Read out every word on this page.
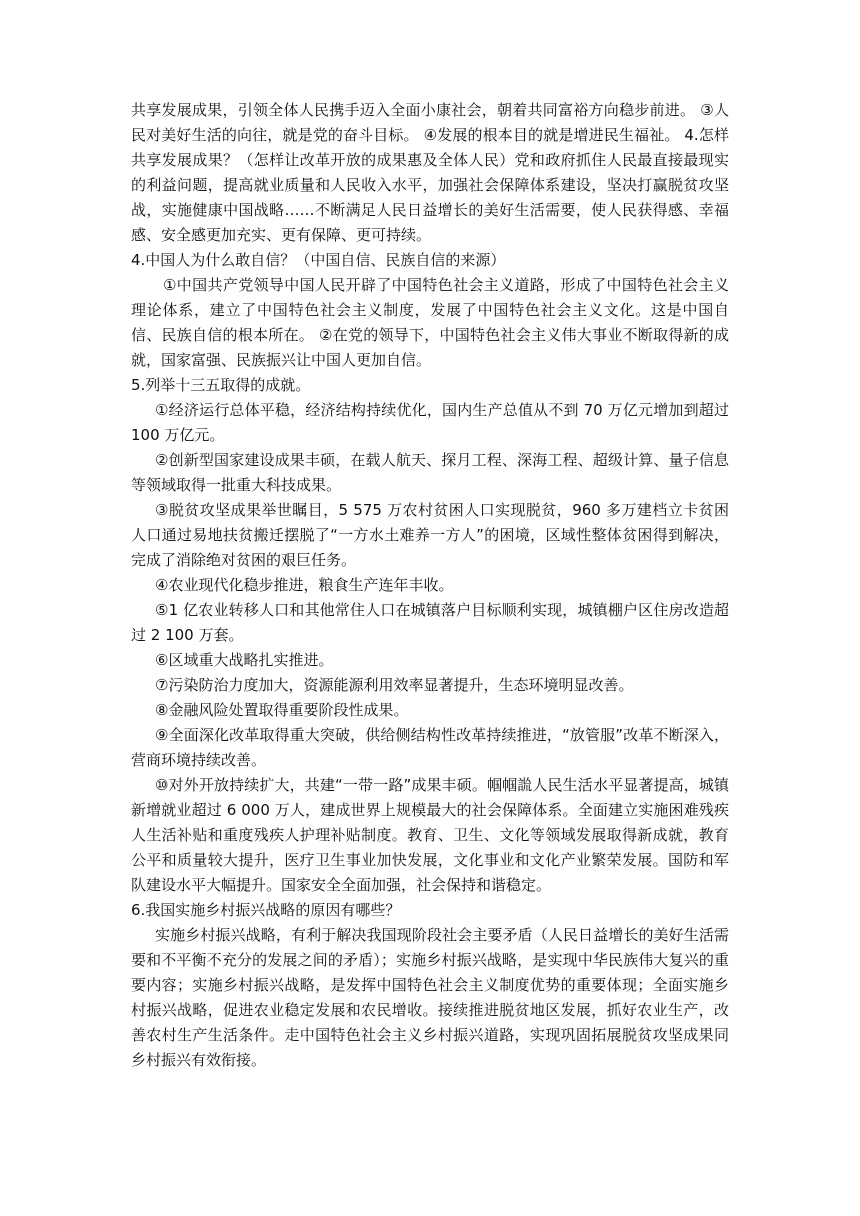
共享发展成果，引领全体人民携手迈入全面小康社会，朝着共同富裕方向稳步前进。 ③人民对美好生活的向往，就是党的奋斗目标。 ④发展的根本目的就是增进民生福祉。 4.怎样共享发展成果？（怎样让改革开放的成果惠及全体人民）党和政府抓住人民最直接最现实的利益问题，提高就业质量和人民收入水平，加强社会保障体系建设，坚决打赢脱贫攻坚战，实施健康中国战略……不断满足人民日益增长的美好生活需要，使人民获得感、幸福感、安全感更加充实、更有保障、更可持续。

4.中国人为什么敢自信？（中国自信、民族自信的来源）

①中国共产党领导中国人民开辟了中国特色社会主义道路，形成了中国特色社会主义理论体系，建立了中国特色社会主义制度，发展了中国特色社会主义文化。这是中国自信、民族自信的根本所在。 ②在党的领导下，中国特色社会主义伟大事业不断取得新的成就，国家富强、民族振兴让中国人更加自信。

5.列举十三五取得的成就。

①经济运行总体平稳，经济结构持续优化，国内生产总值从不到 70 万亿元增加到超过 100 万亿元。

②创新型国家建设成果丰硕，在载人航天、探月工程、深海工程、超级计算、量子信息等领域取得一批重大科技成果。

③脱贫攻坚成果举世瞩目，5 575 万农村贫困人口实现脱贫，960 多万建档立卡贫困人口通过易地扶贫搬迁摆脱了“一方水土难养一方人”的困境，区域性整体贫困得到解决，完成了消除绝对贫困的艰巨任务。

④农业现代化稳步推进，粮食生产连年丰收。

⑤1 亿农业转移人口和其他常住人口在城镇落户目标顺利实现，城镇棚户区住房改造超过 2 100 万套。

⑥区域重大战略扎实推进。

⑦污染防治力度加大，资源能源利用效率显著提升，生态环境明显改善。

⑧金融风险处置取得重要阶段性成果。

⑨全面深化改革取得重大突破，供给侧结构性改革持续推进，“放管服”改革不断深入，营商环境持续改善。

⑩对外开放持续扩大，共建“一带一路”成果丰硕。帼帼詤人民生活水平显著提高，城镇新增就业超过 6 000 万人，建成世界上规模最大的社会保障体系。全面建立实施困难残疾人生活补贴和重度残疾人护理补贴制度。教育、卫生、文化等领域发展取得新成就，教育公平和质量较大提升，医疗卫生事业加快发展，文化事业和文化产业繁荣发展。国防和军队建设水平大幅提升。国家安全全面加强，社会保持和谐稳定。

6.我国实施乡村振兴战略的原因有哪些？

实施乡村振兴战略，有利于解决我国现阶段社会主要矛盾（人民日益增长的美好生活需要和不平衡不充分的发展之间的矛盾）；实施乡村振兴战略，是实现中华民族伟大复兴的重要内容；实施乡村振兴战略，是发挥中国特色社会主义制度优势的重要体现；全面实施乡村振兴战略，促进农业稳定发展和农民增收。接续推进脱贫地区发展，抓好农业生产，改善农村生产生活条件。走中国特色社会主义乡村振兴道路，实现巩固拓展脱贫攻坚成果同乡村振兴有效衔接。
